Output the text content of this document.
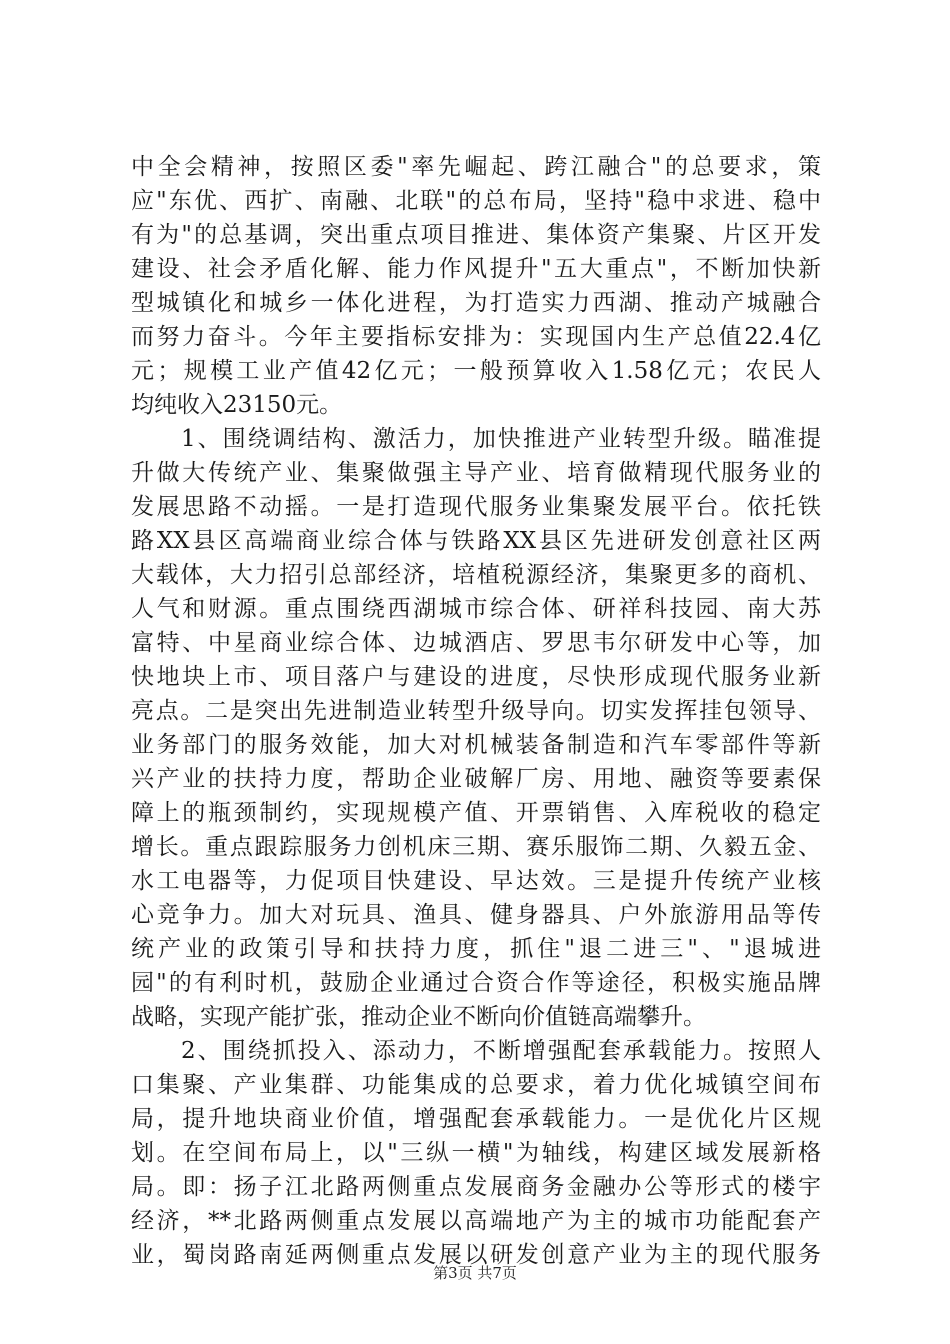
中全会精神，按照区委"率先崛起、跨江融合"的总要求，策
应"东优、西扩、南融、北联"的总布局，坚持"稳中求进、稳中
有为"的总基调，突出重点项目推进、集体资产集聚、片区开发
建设、社会矛盾化解、能力作风提升"五大重点"，不断加快新
型城镇化和城乡一体化进程，为打造实力西湖、推动产城融合
而努力奋斗。今年主要指标安排为：实现国内生产总值22.4亿
元；规模工业产值42亿元；一般预算收入1.58亿元；农民人
均纯收入23150元。
　　1、围绕调结构、激活力，加快推进产业转型升级。瞄准提
升做大传统产业、集聚做强主导产业、培育做精现代服务业的
发展思路不动摇。一是打造现代服务业集聚发展平台。依托铁
路XX县区高端商业综合体与铁路XX县区先进研发创意社区两
大载体，大力招引总部经济，培植税源经济，集聚更多的商机、
人气和财源。重点围绕西湖城市综合体、研祥科技园、南大苏
富特、中星商业综合体、边城酒店、罗思韦尔研发中心等，加
快地块上市、项目落户与建设的进度，尽快形成现代服务业新
亮点。二是突出先进制造业转型升级导向。切实发挥挂包领导、
业务部门的服务效能，加大对机械装备制造和汽车零部件等新
兴产业的扶持力度，帮助企业破解厂房、用地、融资等要素保
障上的瓶颈制约，实现规模产值、开票销售、入库税收的稳定
增长。重点跟踪服务力创机床三期、赛乐服饰二期、久毅五金、
水工电器等，力促项目快建设、早达效。三是提升传统产业核
心竞争力。加大对玩具、渔具、健身器具、户外旅游用品等传
统产业的政策引导和扶持力度，抓住"退二进三"、"退城进
园"的有利时机，鼓励企业通过合资合作等途径，积极实施品牌
战略，实现产能扩张，推动企业不断向价值链高端攀升。
　　2、围绕抓投入、添动力，不断增强配套承载能力。按照人
口集聚、产业集群、功能集成的总要求，着力优化城镇空间布
局，提升地块商业价值，增强配套承载能力。一是优化片区规
划。在空间布局上，以"三纵一横"为轴线，构建区域发展新格
局。即：扬子江北路两侧重点发展商务金融办公等形式的楼宇
经济，**北路两侧重点发展以高端地产为主的城市功能配套产
业，蜀岗路南延两侧重点发展以研发创意产业为主的现代服务
第3页 共7页
